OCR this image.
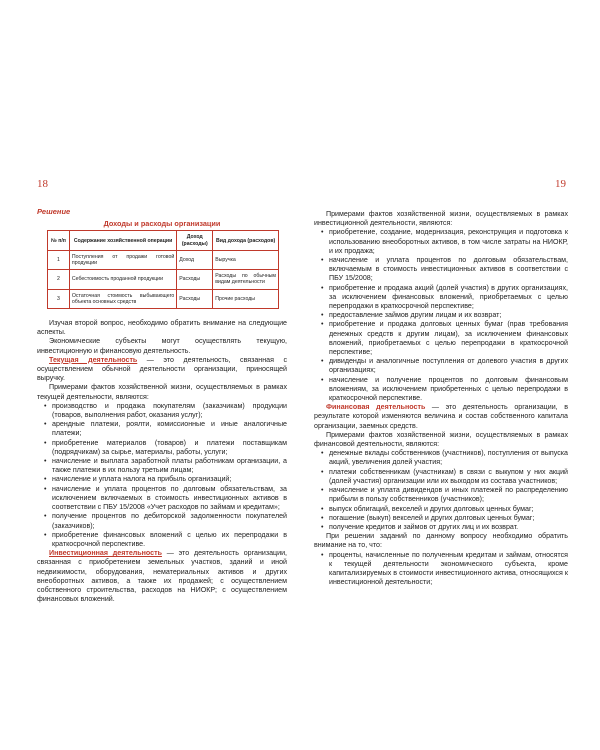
18	19

Решение

Доходы и расходы организации

№ п/п	Содержание хозяйственной операции	Доход (расходы)	Вид дохода (расходов)
1	Поступления от продажи готовой продукции	Доход	Выручка
2	Себестоимость проданной продукции	Расходы	Расходы по обычным видам деятельности
3	Остаточная стоимость выбывающего объекта основных средств	Расходы	Прочие расходы

Изучая второй вопрос, необходимо обратить внимание на следующие аспекты.

Экономические субъекты могут осуществлять текущую, инвестиционную и финансовую деятельность.

Текущая деятельность — это деятельность, связанная с осуществлением обычной деятельности организации, приносящей выручку.

Примерами фактов хозяйственной жизни, осуществляемых в рамках текущей деятельности, являются:

• производство и продажа покупателям (заказчикам) продукции (товаров, выполнения работ, оказания услуг);
• арендные платежи, роялти, комиссионные и иные аналогичные платежи;
• приобретение материалов (товаров) и платежи поставщикам (подрядчикам) за сырье, материалы, работы, услуги;
• начисление и выплата заработной платы работникам организации, а также платежи в их пользу третьим лицам;
• начисление и уплата налога на прибыль организаций;
• начисление и уплата процентов по долговым обязательствам, за исключением включаемых в стоимость инвестиционных активов в соответствии с ПБУ 15/2008 «Учет расходов по займам и кредитам»;
• получение процентов по дебиторской задолженности покупателей (заказчиков);
• приобретение финансовых вложений с целью их перепродажи в краткосрочной перспективе.

Инвестиционная деятельность — это деятельность организации, связанная с приобретением земельных участков, зданий и иной недвижимости, оборудования, нематериальных активов и других внеоборотных активов, а также их продажей; с осуществлением собственного строительства, расходов на НИОКР; с осуществлением финансовых вложений.

Примерами фактов хозяйственной жизни, осуществляемых в рамках инвестиционной деятельности, являются:

• приобретение, создание, модернизация, реконструкция и подготовка к использованию внеоборотных активов, в том числе затраты на НИОКР, и их продажа;
• начисление и уплата процентов по долговым обязательствам, включаемым в стоимость инвестиционных активов в соответствии с ПБУ 15/2008;
• приобретение и продажа акций (долей участия) в других организациях, за исключением финансовых вложений, приобретаемых с целью перепродажи в краткосрочной перспективе;
• предоставление займов другим лицам и их возврат;
• приобретение и продажа долговых ценных бумаг (прав требования денежных средств к другим лицам), за исключением финансовых вложений, приобретаемых с целью перепродажи в краткосрочной перспективе;
• дивиденды и аналогичные поступления от долевого участия в других организациях;
• начисление и получение процентов по долговым финансовым вложениям, за исключением приобретенных с целью перепродажи в краткосрочной перспективе.

Финансовая деятельность — это деятельность организации, в результате которой изменяются величина и состав собственного капитала организации, заемных средств.

Примерами фактов хозяйственной жизни, осуществляемых в рамках финансовой деятельности, являются:

• денежные вклады собственников (участников), поступления от выпуска акций, увеличения долей участия;
• платежи собственникам (участникам) в связи с выкупом у них акций (долей участия) организации или их выходом из состава участников;
• начисление и уплата дивидендов и иных платежей по распределению прибыли в пользу собственников (участников);
• выпуск облигаций, векселей и других долговых ценных бумаг;
• погашение (выкуп) векселей и других долговых ценных бумаг;
• получение кредитов и займов от других лиц и их возврат.

При решении заданий по данному вопросу необходимо обратить внимание на то, что:

• проценты, начисленные по полученным кредитам и займам, относятся к текущей деятельности экономического субъекта, кроме капитализируемых в стоимости инвестиционного актива, относящихся к инвестиционной деятельности;
